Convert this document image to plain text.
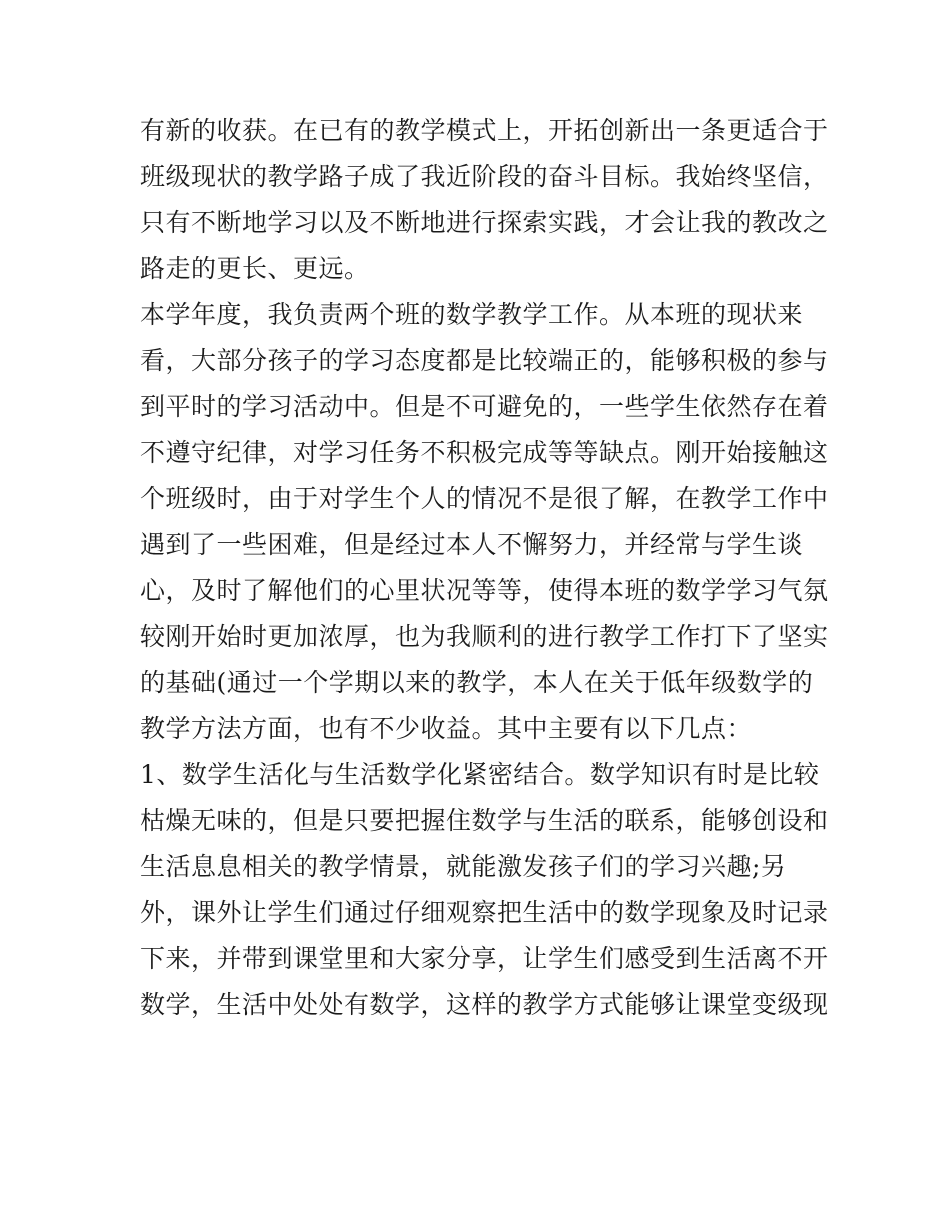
有新的收获。在已有的教学模式上，开拓创新出一条更适合于
班级现状的教学路子成了我近阶段的奋斗目标。我始终坚信，
只有不断地学习以及不断地进行探索实践，才会让我的教改之
路走的更长、更远。
本学年度，我负责两个班的数学教学工作。从本班的现状来
看，大部分孩子的学习态度都是比较端正的，能够积极的参与
到平时的学习活动中。但是不可避免的，一些学生依然存在着
不遵守纪律，对学习任务不积极完成等等缺点。刚开始接触这
个班级时，由于对学生个人的情况不是很了解，在教学工作中
遇到了一些困难，但是经过本人不懈努力，并经常与学生谈
心，及时了解他们的心里状况等等，使得本班的数学学习气氛
较刚开始时更加浓厚，也为我顺利的进行教学工作打下了坚实
的基础(通过一个学期以来的教学，本人在关于低年级数学的
教学方法方面，也有不少收益。其中主要有以下几点：
1、数学生活化与生活数学化紧密结合。数学知识有时是比较
枯燥无味的，但是只要把握住数学与生活的联系，能够创设和
生活息息相关的教学情景，就能激发孩子们的学习兴趣;另
外，课外让学生们通过仔细观察把生活中的数学现象及时记录
下来，并带到课堂里和大家分享，让学生们感受到生活离不开
数学，生活中处处有数学，这样的教学方式能够让课堂变级现
